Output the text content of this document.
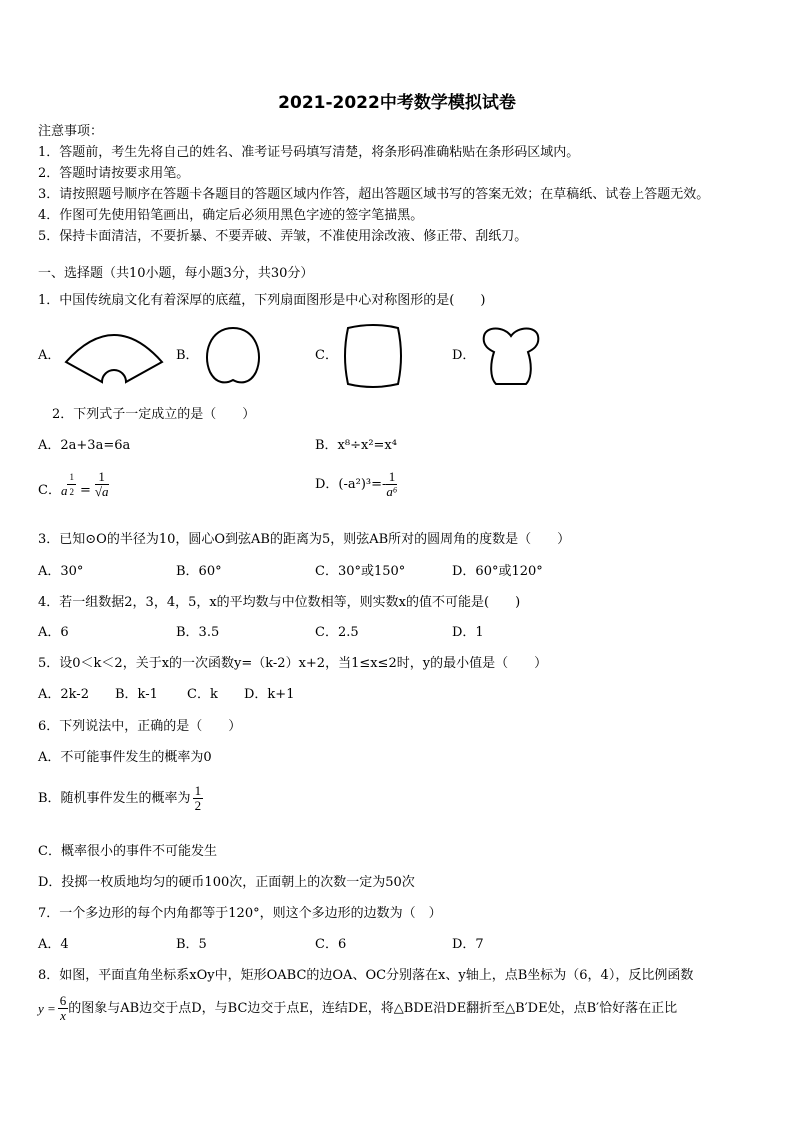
2021-2022中考数学模拟试卷
注意事项：
1．答题前，考生先将自己的姓名、准考证号码填写清楚，将条形码准确粘贴在条形码区域内。
2．答题时请按要求用笔。
3．请按照题号顺序在答题卡各题目的答题区域内作答，超出答题区域书写的答案无效；在草稿纸、试卷上答题无效。
4．作图可先使用铅笔画出，确定后必须用黑色字迹的签字笔描黑。
5．保持卡面清洁，不要折暴、不要弄破、弄皱，不准使用涂改液、修正带、刮纸刀。
一、选择题（共10小题，每小题3分，共30分）
1．中国传统扇文化有着深厚的底蕴，下列扇面图形是中心对称图形的是(　　)
A．	B．	C．	D．
2．下列式子一定成立的是（　　）
A．2a+3a=6a	B．x⁸÷x²=x⁴
C．a $\frac{1}{2} = \frac{1}{√a}$	D．$(-a^2)^3=- \frac{1}{\text{a⁶}}$
3．已知⊙O的半径为10，圆心O到弦AB的距离为5，则弦AB所对的圆周角的度数是（　　）
A．30°	B．60°	C．30°或150°	D．60°或120°
4．若一组数据2，3，4，5，x的平均数与中位数相等，则实数x的值不可能是(　　)
A．6	B．3.5	C．2.5	D．1
5．设0＜k＜2，关于x的一次函数y=（k-2）x+2，当1≤x≤2时，y的最小值是（　　）
A．2k-2 B．k-1 C．k D．k+1
6．下列说法中，正确的是（　　）
A．不可能事件发生的概率为0
B．随机事件发生的概率为 $\frac{1}{2}$
C．概率很小的事件不可能发生
D．投掷一枚质地均匀的硬币100次，正面朝上的次数一定为50次
7．一个多边形的每个内角都等于120°，则这个多边形的边数为（　）
A．4	B．5	C．6	D．7
8．如图，平面直角坐标系xOy中，矩形OABC的边OA、OC分别落在x、y轴上，点B坐标为（6，4），反比例函数
$y = \frac{6}{x}$ 的图象与AB边交于点D，与BC边交于点E，连结DE，将△BDE沿DE翻折至△B′DE处，点B′恰好落在正比
